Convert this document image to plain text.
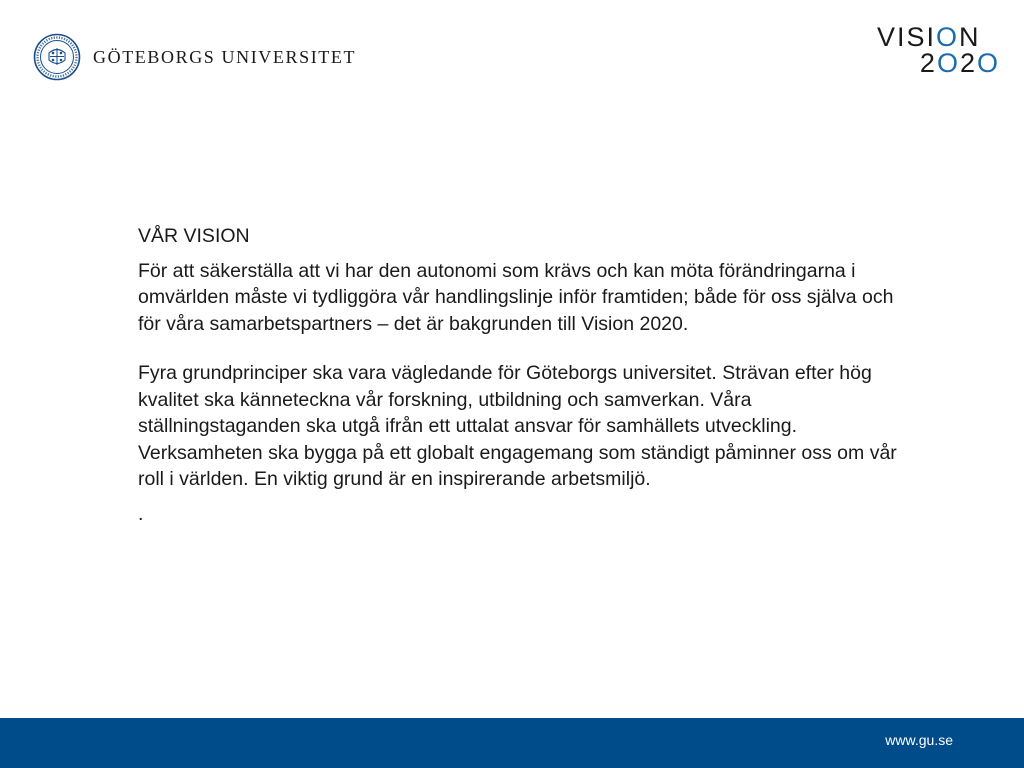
GÖTEBORGS UNIVERSITET
VISION
2O2O

VÅR VISION

För att säkerställa att vi har den autonomi som krävs och kan möta förändringarna i omvärlden måste vi tydliggöra vår handlingslinje inför framtiden; både för oss själva och för våra samarbetspartners – det är bakgrunden till Vision 2020.

Fyra grundprinciper ska vara vägledande för Göteborgs universitet. Strävan efter hög kvalitet ska känneteckna vår forskning, utbildning och samverkan. Våra ställningstaganden ska utgå ifrån ett uttalat ansvar för samhällets utveckling. Verksamheten ska bygga på ett globalt engagemang som ständigt påminner oss om vår roll i världen. En viktig grund är en inspirerande arbetsmiljö.

.

www.gu.se
